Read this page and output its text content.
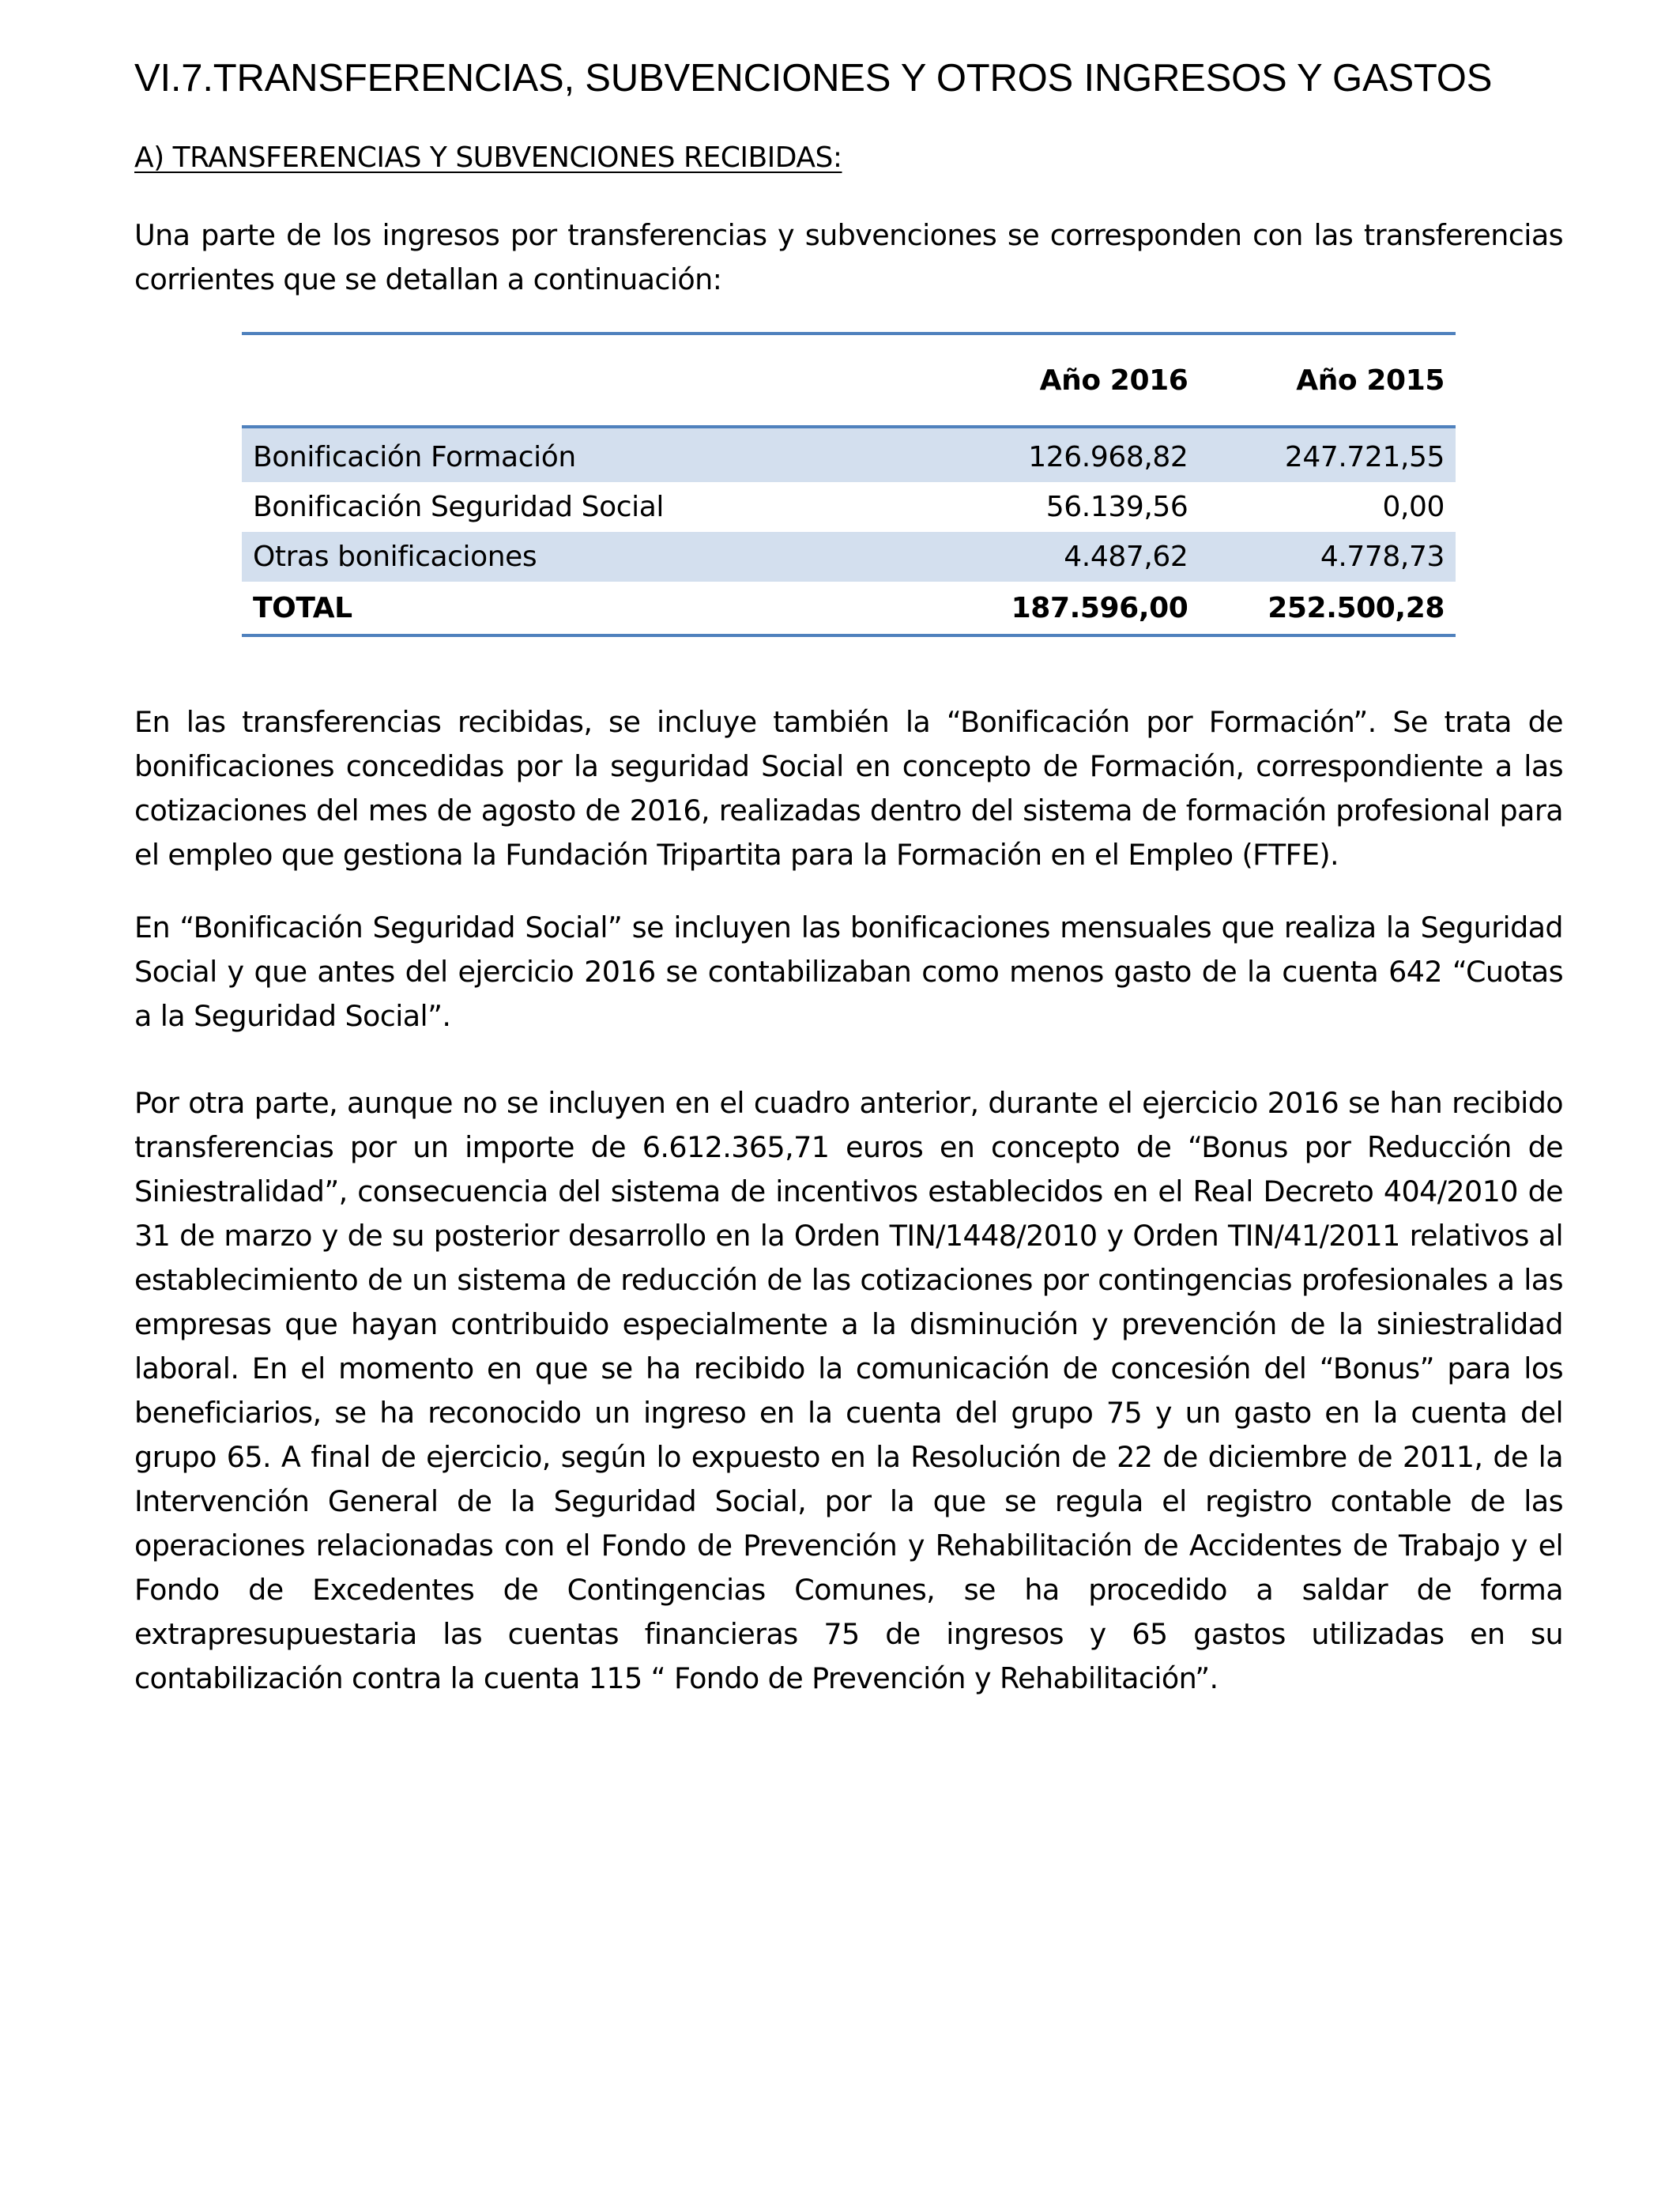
VI.7.TRANSFERENCIAS, SUBVENCIONES Y OTROS INGRESOS Y GASTOS
A) TRANSFERENCIAS Y SUBVENCIONES RECIBIDAS:

Una parte de los ingresos por transferencias y subvenciones se corresponden con las transferencias corrientes que se detallan a continuación:

	Año 2016	Año 2015
Bonificación Formación	126.968,82	247.721,55
Bonificación Seguridad Social	56.139,56	0,00
Otras bonificaciones	4.487,62	4.778,73
TOTAL	187.596,00	252.500,28

En las transferencias recibidas, se incluye también la “Bonificación por Formación”. Se trata de bonificaciones concedidas por la seguridad Social en concepto de Formación, correspondiente a las cotizaciones del mes de agosto de 2016, realizadas dentro del sistema de formación profesional para el empleo que gestiona la Fundación Tripartita para la Formación en el Empleo (FTFE).

En “Bonificación Seguridad Social” se incluyen las bonificaciones mensuales que realiza la Seguridad Social y que antes del ejercicio 2016 se contabilizaban como menos gasto de la cuenta 642 “Cuotas a la Seguridad Social”.

Por otra parte, aunque no se incluyen en el cuadro anterior, durante el ejercicio 2016 se han recibido transferencias por un importe de 6.612.365,71 euros en concepto de “Bonus por Reducción de Siniestralidad”, consecuencia del sistema de incentivos establecidos en el Real Decreto 404/2010 de 31 de marzo y de su posterior desarrollo en la Orden TIN/1448/2010 y Orden TIN/41/2011 relativos al establecimiento de un sistema de reducción de las cotizaciones por contingencias profesionales a las empresas que hayan contribuido especialmente a la disminución y prevención de la siniestralidad laboral. En el momento en que se ha recibido la comunicación de concesión del “Bonus” para los beneficiarios, se ha reconocido un ingreso en la cuenta del grupo 75 y un gasto en la cuenta del grupo 65. A final de ejercicio, según lo expuesto en la Resolución de 22 de diciembre de 2011, de la Intervención General de la Seguridad Social, por la que se regula el registro contable de las operaciones relacionadas con el Fondo de Prevención y Rehabilitación de Accidentes de Trabajo y el Fondo de Excedentes de Contingencias Comunes, se ha procedido a saldar de forma extrapresupuestaria las cuentas financieras 75 de ingresos y 65 gastos utilizadas en su contabilización contra la cuenta 115 “ Fondo de Prevención y Rehabilitación”.
